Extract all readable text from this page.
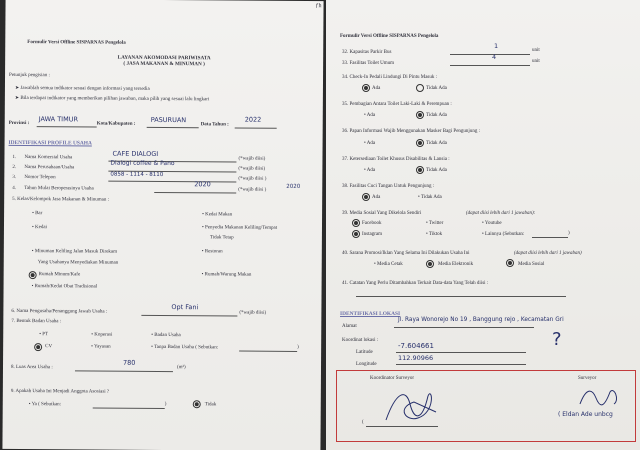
Formulir Versi Offline SISPARNAS Pengelola
ƒh
LAYANAN AKOMODASI PARIWISATA
( JASA MAKANAN & MINUMAN )
Petunjuk pengisian :
➤ Jawablah semua indikator sesuai dengan informasi yang tersedia
➤ Bila terdapat indikator yang memberikan pilihan jawaban, maka pilih yang sesuai lalu lingkari
Provinsi :
JAWA TIMUR
Kota/Kabupaten :
PASURUAN
Data Tahun :
2022
IDENTIFIKASI PROFILE USAHA
1. Nama Komersial Usaha	CAFE DIALOGI
(*wajib diisi)
2. Nama Perusahaan/Usaha
Dialogi coffee & Pano
(*wajib diisi)
3. Nomor Telepon	0858 - 1114 - 8110
(*wajib diisi )
4. Tahun Mulai Beroperasinya Usaha
2020
(*wajib diisi )
2020
5. Kelas/Kelompok Jasa Makanan & Minuman :
• Bar
• Kedai
• Minuman Keliling Jalan Masuk Direkam
Yang Usahanya Menyediakan Minuman
Rumah Minum/Kafe
• Rumah/Kedai Obat Tradisional
• Kedai Makan
• Penyedia Makanan Keliling/Tempat
Tidak Tetap
• Restoran
• Rumah/Warung Makan
6. Nama Pengusaha/Penanggung Jawab Usaha :
Opt Fani
(*wajib diisi)
7. Bentuk Badan Usaha :
• PT	• Koperasi	• Badan Usaha
CV	• Yayasan	• Tanpa Badan Usaha ( Sebutkan:	)
8. Luas Area Usaha :
780
(m²)
9. Apakah Usaha Ini Menjadi Anggota Asosiasi ?
• Ya ( Sebutkan:	)	Tidak
Formulir Versi Offline SISPARNAS Pengelola
32. Kapasitas Parkir Bus
1
unit
33. Fasilitas Toilet Umum
4
unit
34. Check-In Pedali Lindungi Di Pintu Masuk :
Ada	Tidak Ada
35. Pembagian Antara Toilet Laki-Laki & Perempuan :
• Ada	Tidak Ada
36. Papan Informasi Wajib Menggunakan Masker Bagi Pengunjung :
• Ada	Tidak Ada
37. Ketersediaan Toilet Khusus Disabilitas & Lansia :
• Ada	Tidak Ada
38. Fasilitas Cuci Tangan Untuk Pengunjung :
Ada	• Tidak Ada
39. Media Sosial Yang Dikelola Sendiri	(dapat diisi lebih dari 1 jawaban):
Facebook	• Twitter	• Youtube
Instagram	• Tiktok	• Lainnya (Sebutkan:	)
40. Sarana Promosi/Iklan Yang Selama Ini Dilakukan Usaha Ini	(dapat diisi lebih dari 1 jawaban)
• Media Cetak	Media Elektronik	Media Sosial
41. Catatan Yang Perlu Ditambahkan Terkait Data-data Yang Telah diisi :
IDENTIFIKASI LOKASI
Alamat
Jl. Raya Wonorejo No 19 , Banggung rejo , Kecamatan Gri
Koordinat lokasi :
Latitude
-7.604661
Longitude
112.90966
?
Koordinator Surveyor	Surveyor
(
( Eldan Ade unbcg
